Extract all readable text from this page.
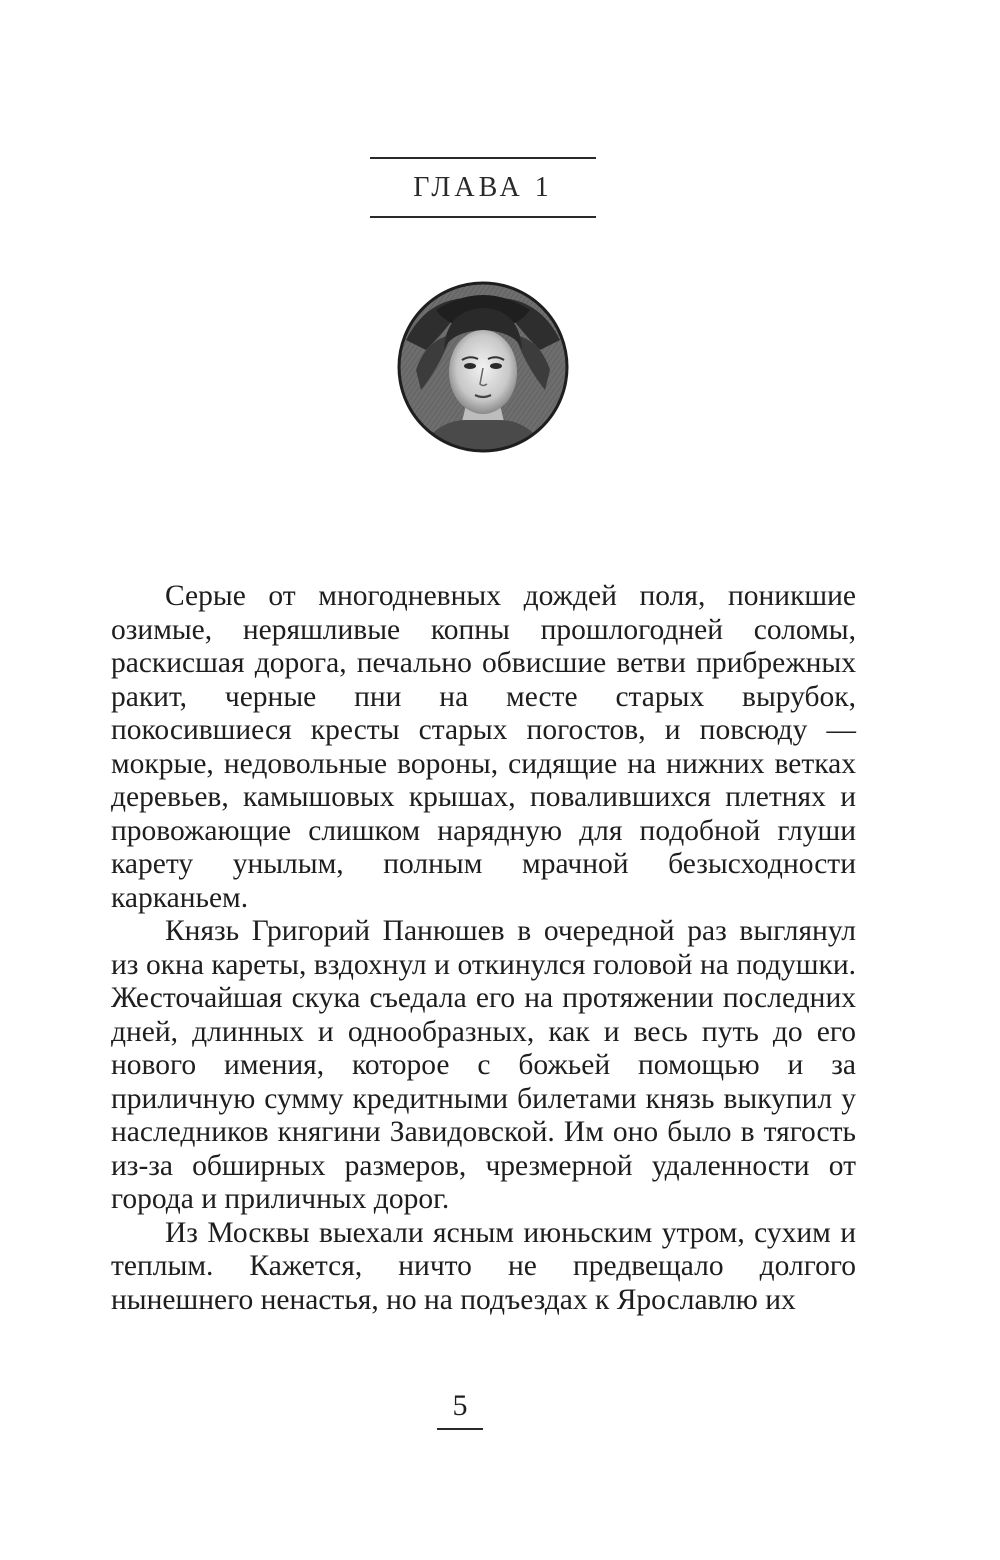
ГЛАВА 1

Серые от многодневных дождей поля, поникшие озимые, неряшливые копны прошлогодней соломы, раскисшая дорога, печально обвисшие ветви прибрежных ракит, черные пни на месте старых вырубок, покосившиеся кресты старых погостов, и повсюду — мокрые, недовольные вороны, сидящие на нижних ветках деревьев, камышовых крышах, повалившихся плетнях и провожающие слишком нарядную для подобной глуши карету унылым, полным мрачной безысходности карканьем.

Князь Григорий Панюшев в очередной раз выглянул из окна кареты, вздохнул и откинулся головой на подушки. Жесточайшая скука съедала его на протяжении последних дней, длинных и однообразных, как и весь путь до его нового имения, которое с божьей помощью и за приличную сумму кредитными билетами князь выкупил у наследников княгини Завидовской. Им оно было в тягость из-за обширных размеров, чрезмерной удаленности от города и приличных дорог.

Из Москвы выехали ясным июньским утром, сухим и теплым. Кажется, ничто не предвещало долгого нынешнего ненастья, но на подъездах к Ярославлю их

5
